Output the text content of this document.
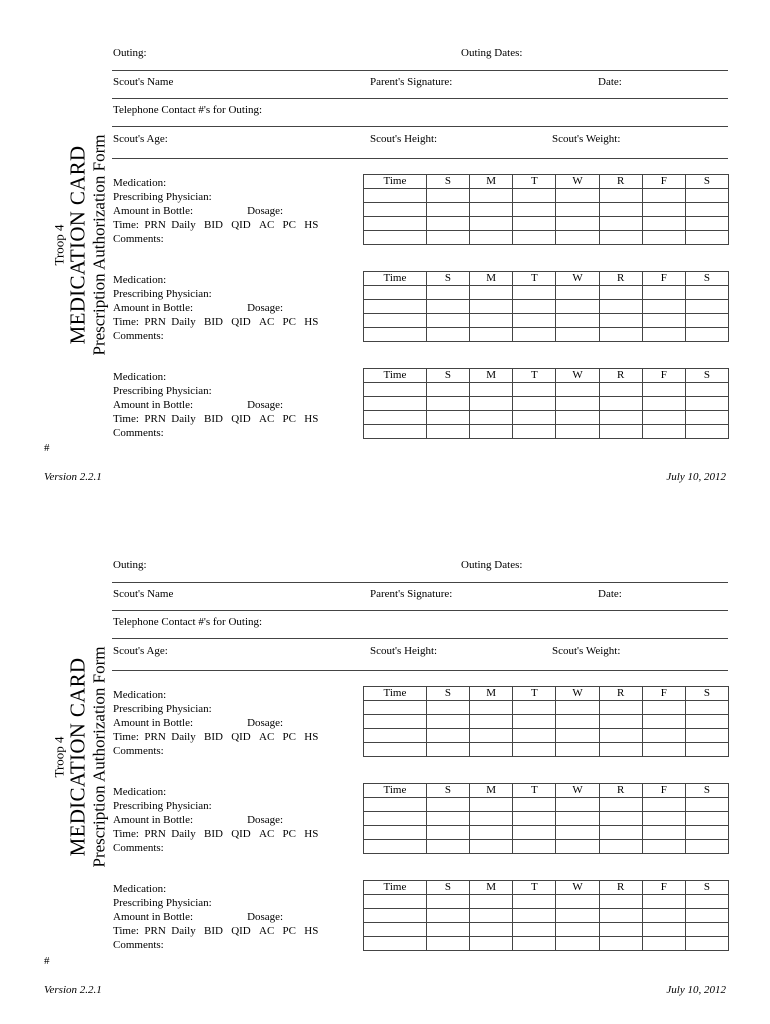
Troop 4 MEDICATION CARD Prescription Authorization Form
Outing:	Outing Dates:
Scout's Name	Parent's Signature:	Date:
Telephone Contact #'s for Outing:
Scout's Age:	Scout's Height:	Scout's Weight:
Medication:
Prescribing Physician:
Amount in Bottle:	Dosage:
Time: PRN Daily BID QID AC PC HS
Comments:
Time	S	M	T	W	R	F	S

Medication:
Prescribing Physician:
Amount in Bottle:	Dosage:
Time: PRN Daily BID QID AC PC HS
Comments:
Time	S	M	T	W	R	F	S

Medication:
Prescribing Physician:
Amount in Bottle:	Dosage:
Time: PRN Daily BID QID AC PC HS
Comments:
Time	S	M	T	W	R	F	S

#
Version 2.2.1	July 10, 2012
Troop 4 MEDICATION CARD Prescription Authorization Form
Outing:	Outing Dates:
Scout's Name	Parent's Signature:	Date:
Telephone Contact #'s for Outing:
Scout's Age:	Scout's Height:	Scout's Weight:
Medication:
Prescribing Physician:
Amount in Bottle:	Dosage:
Time: PRN Daily BID QID AC PC HS
Comments:
Time	S	M	T	W	R	F	S

Medication:
Prescribing Physician:
Amount in Bottle:	Dosage:
Time: PRN Daily BID QID AC PC HS
Comments:
Time	S	M	T	W	R	F	S

Medication:
Prescribing Physician:
Amount in Bottle:	Dosage:
Time: PRN Daily BID QID AC PC HS
Comments:
Time	S	M	T	W	R	F	S

#
Version 2.2.1	July 10, 2012
